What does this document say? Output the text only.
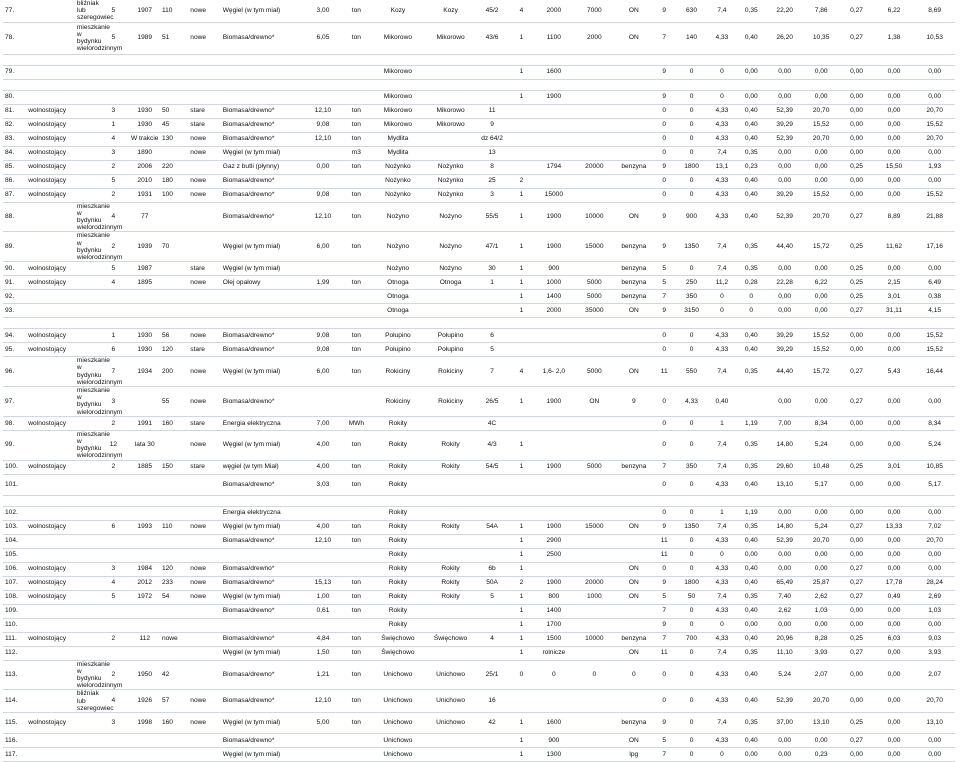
77.		bliźniak lub szeregowiec	5	1907	110	nowe	Węgiel (w tym miał)	3,00	ton	Kozy	Kozy	45/2	4	2000	7000	ON	9	630	7,4	0,35	22,20	7,86	0,27	6,22	8,69
78.		mieszkanie w bydynku wielorodzinnym	5	1989	51	nowe	Biomasa/drewno*	6,05	ton	Mikorowo	Mikorowo	43/6	1	1100	2000	ON	7	140	4,33	0,40	26,20	10,35	0,27	1,38	10,53

79.										Mikorowo			1	1600			9	0	0	0,00	0,00	0,00	0,00	0,00	0,00

80.										Mikorowo			1	1900			9	0	0	0,00	0,00	0,00	0,00	0,00	0,00
81.	wolnostojący		3	1930	50	stare	Biomasa/drewno*	12,10	ton	Mikorowo	Mikorowo	11					0	0	4,33	0,40	52,39	20,70	0,00	0,00	20,70
82.	wolnostojący		1	1930	45	stare	Biomasa/drewno*	9,08	ton	Mikorowo	Mikorowo	9					0	0	4,33	0,40	39,29	15,52	0,00	0,00	15,52
83.	wolnostojący		4	W trakcie	130	nowe	Biomasa/drewno*	12,10	ton	Mydlita		dz 64/2					0	0	4,33	0,40	52,39	20,70	0,00	0,00	20,70
84.	wolnostojący		3	1890		nowe	Węgiel (w tym miał)		m3	Mydlita		13					0	0	7,4	0,35	0,00	0,00	0,00	0,00	0,00
85.	wolnostojący		2	2006	220		Gaz z butli (płynny)	0,00	ton	Nożynko	Nożynko	8		1794	20000	benzyna	9	1800	13,1	0,23	0,00	0,00	0,25	15,50	1,93
86.	wolnostojący		5	2010	180	nowe	Biomasa/drewno*			Nożynko	Nożynko	25	2				0	0	4,33	0,40	0,00	0,00	0,00	0,00	0,00
87.	wolnostojący		2	1931	100	nowe	Biomasa/drewno*	9,08	ton	Nożynko	Nożynko	3	1	15000			0	0	4,33	0,40	39,29	15,52	0,00	0,00	15,52
88.		mieszkanie w bydynku wielorodzinnym	4	77			Biomasa/drewno*	12,10	ton	Nożyno	Nożyno	55/5	1	1900	10000	ON	9	900	4,33	0,40	52,39	20,70	0,27	8,89	21,88
89.		mieszkanie w bydynku wielorodzinnym	2	1939	70		Węgiel (w tym miał)	6,00	ton	Nożyno	Nożyno	47/1	1	1900	15000	benzyna	9	1350	7,4	0,35	44,40	15,72	0,25	11,62	17,16
90.	wolnostojący		5	1987		stare	Węgiel (w tym miał)			Nożyno	Nożyno	30	1	900		benzyna	5	0	7,4	0,35	0,00	0,00	0,25	0,00	0,00
91.	wolnostojący		4	1895		nowe	Olej opałowy	1,99	ton	Otnoga	Otnoga	1	1	1000	5000	benzyna	5	250	11,2	0,28	22,28	6,22	0,25	2,15	6,49
92.										Otnoga			1	1400	5000	benzyna	7	350	0	0	0,00	0,00	0,25	3,01	0,38
93.										Otnoga			1	2000	35000	ON	9	3150	0	0	0,00	0,00	0,27	31,11	4,15

94.	wolnostojący		1	1930	56	nowe	Biomasa/drewno*	9,08	ton	Połupino	Połupino	6					0	0	4,33	0,40	39,29	15,52	0,00	0,00	15,52
95.	wolnostojący		6	1930	120	stare	Biomasa/drewno*	9,08	ton	Połupino	Połupino	5					0	0	4,33	0,40	39,29	15,52	0,00	0,00	15,52
96.		mieszkanie w bydynku wielorodzinnym	7	1934	200	nowe	Węgiel (w tym miał)	6,00	ton	Rokiciny	Rokiciny	7	4	1,6- 2,0	5000	ON	11	550	7,4	0,35	44,40	15,72	0,27	5,43	16,44
97.		mieszkanie w bydynku wielorodzinnym	3		55	nowe	Biomasa/drewno*			Rokiciny	Rokiciny	26/5	1	1900	ON	9	0	4,33	0,40		0,00	0,00	0,27	0,00	0,00
98.	wolnostojący		2	1991	160	stare	Energia elektryczna	7,00	MWh	Rokity		4C					0	0	1	1,19	7,00	8,34	0,00	0,00	8,34
99.		mieszkanie w bydynku wielorodzinnym	12	lata 30		nowe	Węgiel (w tym miał)	4,00	ton	Rokity	Rokity	4/3	1				0	0	7,4	0,35	14,80	5,24	0,00	0,00	5,24
100.	wolnostojący		2	1885	150	stare	węgiel (w tym Miał)	4,00	ton	Rokity	Rokity	54/5	1	1900	5000	benzyna	7	350	7,4	0,35	29,60	10,48	0,25	3,01	10,85
101.							Biomasa/drewno*	3,03	ton	Rokity							0	0	4,33	0,40	13,10	5,17	0,00	0,00	5,17

102.							Energia elektryczna			Rokity							0	0	1	1,19	0,00	0,00	0,00	0,00	0,00
103.	wolnostojący		6	1993	110	nowe	Węgiel (w tym miał)	4,00	ton	Rokity	Rokity	54A	1	1900	15000	ON	9	1350	7,4	0,35	14,80	5,24	0,27	13,33	7,02
104.							Biomasa/drewno*	12,10	ton	Rokity			1	2900			11	0	4,33	0,40	52,39	20,70	0,00	0,00	20,70
105.										Rokity			1	2500			11	0	0	0,00	0,00	0,00	0,00	0,00	0,00
106.	wolnostojący		3	1984	120	nowe	Biomasa/drewno*			Rokity	Rokity	6b	1			ON	0	0	4,33	0,40	0,00	0,00	0,27	0,00	0,00
107.	wolnostojący		4	2012	233	nowe	Biomasa/drewno*	15,13	ton	Rokity	Rokity	50A	2	1900	20000	ON	9	1800	4,33	0,40	65,49	25,87	0,27	17,78	28,24
108.	wolnostojący		5	1972	54	nowe	Węgiel (w tym miał)	1,00	ton	Rokity	Rokity	5	1	800	1000	ON	5	50	7,4	0,35	7,40	2,62	0,27	0,49	2,69
109.							Biomasa/drewno*	0,61	ton	Rokity			1	1400			7	0	4,33	0,40	2,62	1,03	0,00	0,00	1,03
110.										Rokity			1	1700			9	0	0	0,00	0,00	0,00	0,00	0,00	0,00
111.	wolnostojący		2	112	nowe		Biomasa/drewno*	4,84	ton	Święchowo	Święchowo	4	1	1500	10000	benzyna	7	700	4,33	0,40	20,96	8,28	0,25	6,03	9,03
112.							Węgiel (w tym miał)	1,50	ton	Święchowo			1	rolnicze		ON	11	0	7,4	0,35	11,10	3,93	0,27	0,00	3,93
113.		mieszkanie w bydynku wielorodzinnym	2	1950	42		Biomasa/drewno*	1,21	ton	Unichowo	Unichowo	25/1	0	0	0	0	0	0	4,33	0,40	5,24	2,07	0,00	0,00	2,07
114.		bliźniak lub szeregowiec	4	1926	57	nowe	Biomasa/drewno*	12,10	ton	Unichowo	Unichowo	16					0	0	4,33	0,40	52,39	20,70	0,00	0,00	20,70
115.	wolnostojący		3	1998	160	nowe	Węgiel (w tym miał)	5,00	ton	Unichowo	Unichowo	42	1	1600		benzyna	9	0	7,4	0,35	37,00	13,10	0,25	0,00	13,10
116.							Biomasa/drewno*			Unichowo			1	900		ON	5	0	4,33	0,40	0,00	0,00	0,27	0,00	0,00
117.							Węgiel (w tym miał)			Unichowo			1	1300		lpg	7	0	0	0,00	0,00	0,23	0,00	0,00	0,00
